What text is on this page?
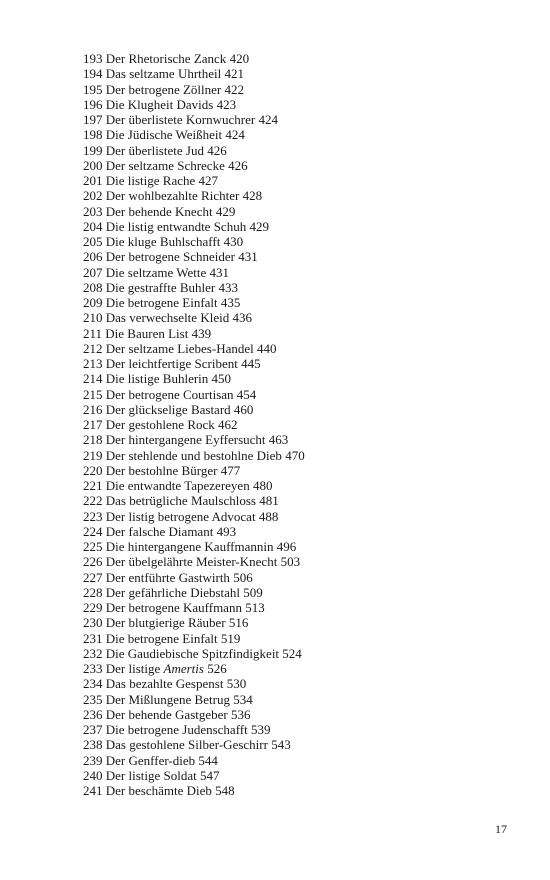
193 Der Rhetorische Zanck 420
194 Das seltzame Uhrtheil 421
195 Der betrogene Zöllner 422
196 Die Klugheit Davids 423
197 Der überlistete Kornwuchrer 424
198 Die Jüdische Weißheit 424
199 Der überlistete Jud 426
200 Der seltzame Schrecke 426
201 Die listige Rache 427
202 Der wohlbezahlte Richter 428
203 Der behende Knecht 429
204 Die listig entwandte Schuh 429
205 Die kluge Buhlschafft 430
206 Der betrogene Schneider 431
207 Die seltzame Wette 431
208 Die gestraffte Buhler 433
209 Die betrogene Einfalt 435
210 Das verwechselte Kleid 436
211 Die Bauren List 439
212 Der seltzame Liebes-Handel 440
213 Der leichtfertige Scribent 445
214 Die listige Buhlerin 450
215 Der betrogene Courtisan 454
216 Der glückselige Bastard 460
217 Der gestohlene Rock 462
218 Der hintergangene Eyffersucht 463
219 Der stehlende und bestohlne Dieb 470
220 Der bestohlne Bürger 477
221 Die entwandte Tapezereyen 480
222 Das betrügliche Maulschloss 481
223 Der listig betrogene Advocat 488
224 Der falsche Diamant 493
225 Die hintergangene Kauffmannin 496
226 Der übelgelährte Meister-Knecht 503
227 Der entführte Gastwirth 506
228 Der gefährliche Diebstahl 509
229 Der betrogene Kauffmann 513
230 Der blutgierige Räuber 516
231 Die betrogene Einfalt 519
232 Die Gaudiebische Spitzfindigkeit 524
233 Der listige Amertis 526
234 Das bezahlte Gespenst 530
235 Der Mißlungene Betrug 534
236 Der behende Gastgeber 536
237 Die betrogene Judenschafft 539
238 Das gestohlene Silber-Geschirr 543
239 Der Genffer-dieb 544
240 Der listige Soldat 547
241 Der beschämte Dieb 548
17
